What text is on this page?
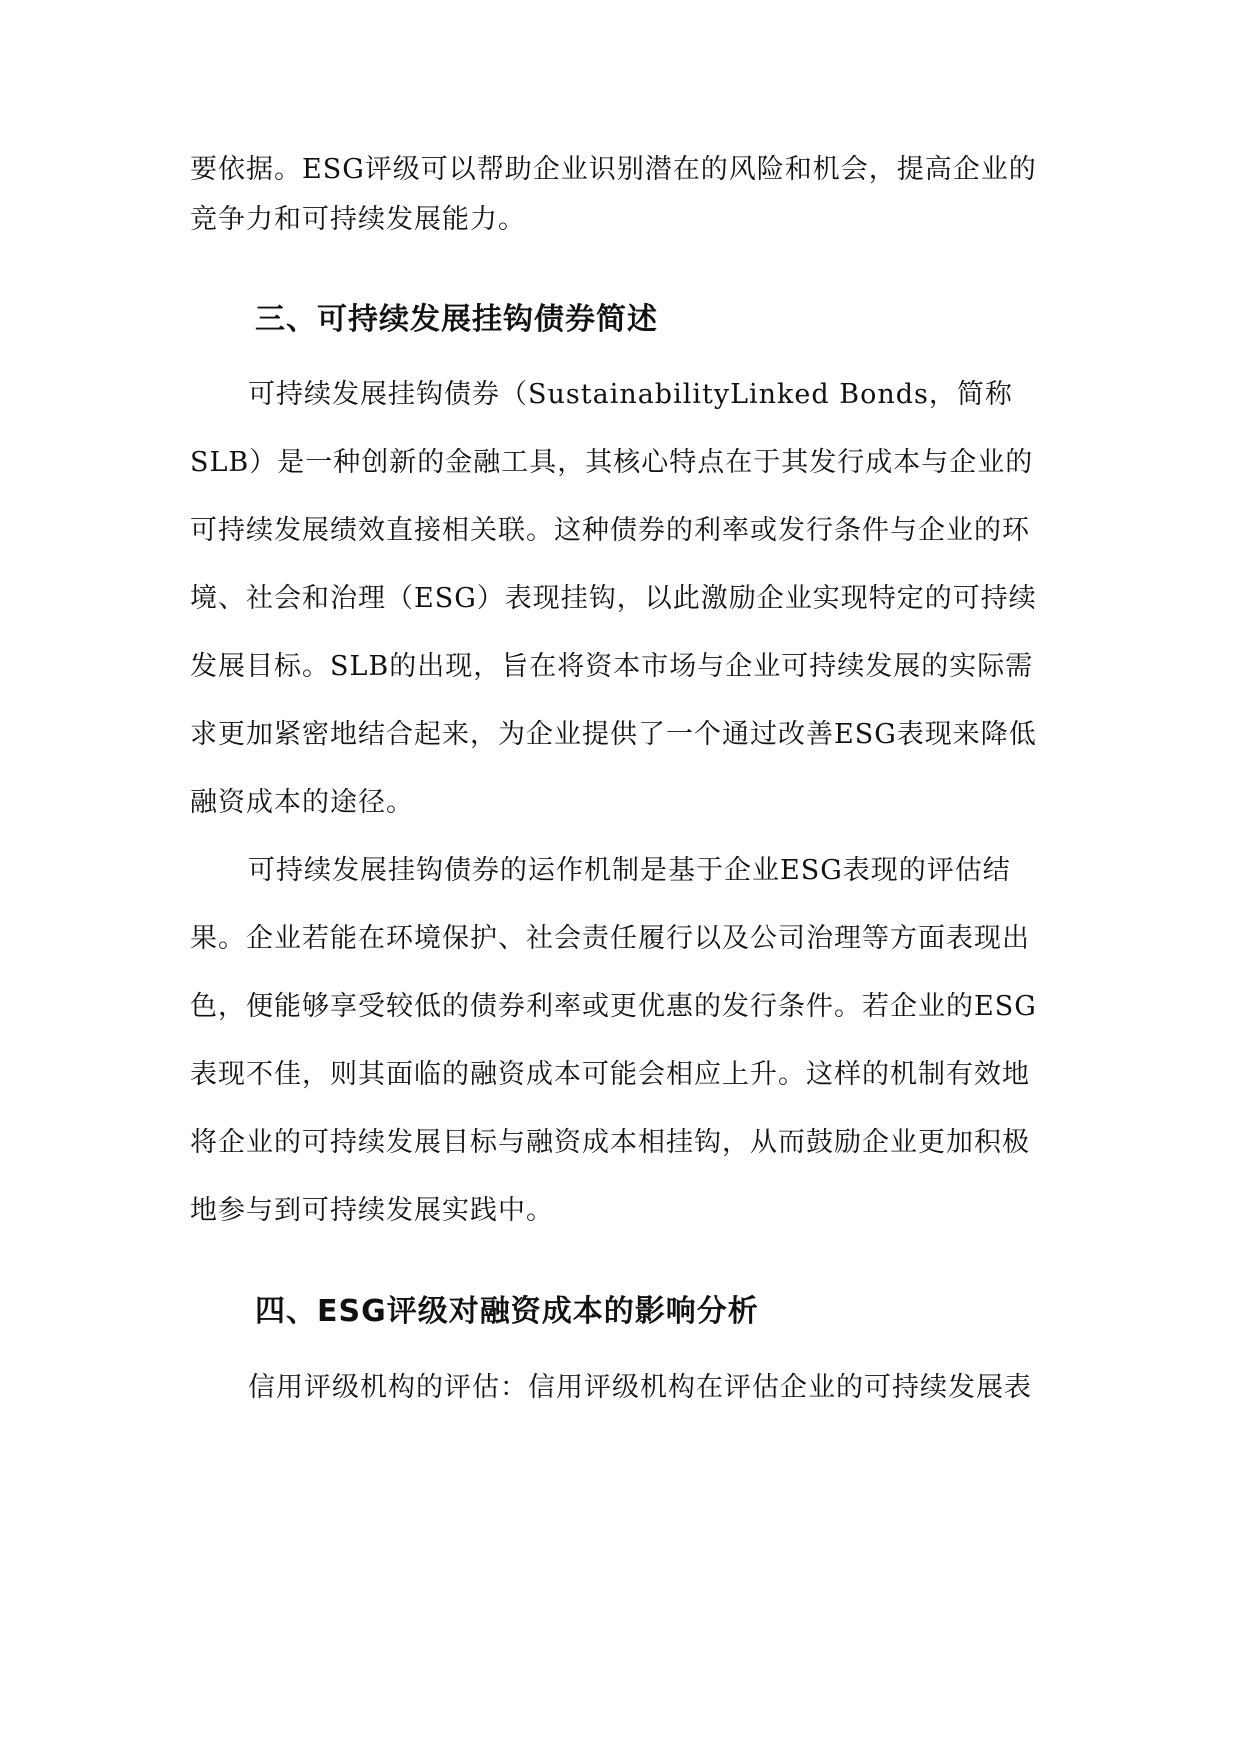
要依据。ESG评级可以帮助企业识别潜在的风险和机会，提高企业的
竞争力和可持续发展能力。
三、可持续发展挂钩债券简述
可持续发展挂钩债券（SustainabilityLinked Bonds，简称
SLB）是一种创新的金融工具，其核心特点在于其发行成本与企业的
可持续发展绩效直接相关联。这种债券的利率或发行条件与企业的环
境、社会和治理（ESG）表现挂钩，以此激励企业实现特定的可持续
发展目标。SLB的出现，旨在将资本市场与企业可持续发展的实际需
求更加紧密地结合起来，为企业提供了一个通过改善ESG表现来降低
融资成本的途径。
可持续发展挂钩债券的运作机制是基于企业ESG表现的评估结
果。企业若能在环境保护、社会责任履行以及公司治理等方面表现出
色，便能够享受较低的债券利率或更优惠的发行条件。若企业的ESG
表现不佳，则其面临的融资成本可能会相应上升。这样的机制有效地
将企业的可持续发展目标与融资成本相挂钩，从而鼓励企业更加积极
地参与到可持续发展实践中。
四、ESG评级对融资成本的影响分析
信用评级机构的评估：信用评级机构在评估企业的可持续发展表
